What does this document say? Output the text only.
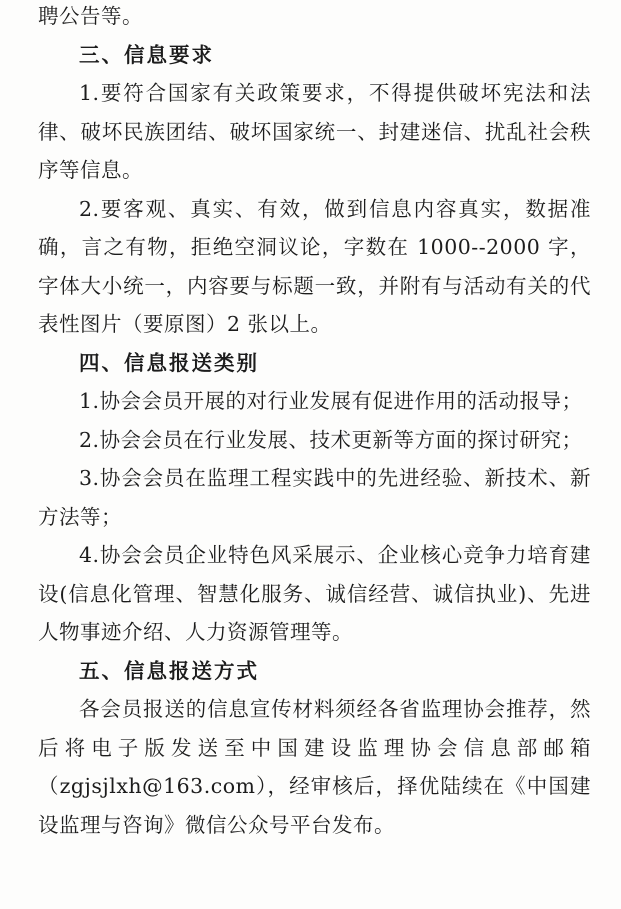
聘公告等。

三、信息要求

1.要符合国家有关政策要求，不得提供破坏宪法和法律、破坏民族团结、破坏国家统一、封建迷信、扰乱社会秩序等信息。

2.要客观、真实、有效，做到信息内容真实，数据准确，言之有物，拒绝空洞议论，字数在 1000--2000 字，字体大小统一，内容要与标题一致，并附有与活动有关的代表性图片（要原图）2 张以上。

四、信息报送类别

1.协会会员开展的对行业发展有促进作用的活动报导；

2.协会会员在行业发展、技术更新等方面的探讨研究；

3.协会会员在监理工程实践中的先进经验、新技术、新方法等；

4.协会会员企业特色风采展示、企业核心竞争力培育建设(信息化管理、智慧化服务、诚信经营、诚信执业)、先进人物事迹介绍、人力资源管理等。

五、信息报送方式

各会员报送的信息宣传材料须经各省监理协会推荐，然后将电子版发送至中国建设监理协会信息部邮箱（zgjsjlxh@163.com），经审核后，择优陆续在《中国建设监理与咨询》微信公众号平台发布。
